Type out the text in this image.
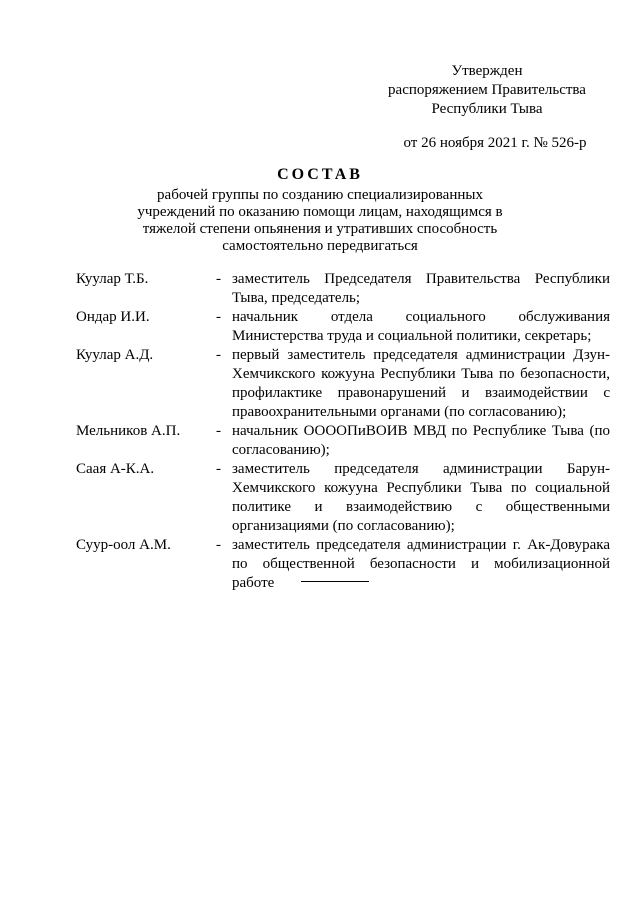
Утвержден
распоряжением Правительства
Республики Тыва
от 26 ноября 2021 г. № 526-р
СОСТАВ
рабочей группы по созданию специализированных учреждений по оказанию помощи лицам, находящимся в тяжелой степени опьянения и утративших способность самостоятельно передвигаться
Куулар Т.Б.	- заместитель Председателя Правительства Республики Тыва, председатель;
Ондар И.И.	- начальник отдела социального обслуживания Министерства труда и социальной политики, секретарь;
Куулар А.Д.	- первый заместитель председателя администрации Дзун-Хемчикского кожууна Республики Тыва по безопасности, профилактике правонарушений и взаимодействии с правоохранительными органами (по согласованию);
Мельников А.П.	- начальник ОООOПиВОИВ МВД по Республике Тыва (по согласованию);
Саая А-К.А.	- заместитель председателя администрации Барун-Хемчикского кожууна Республики Тыва по социальной политике и взаимодействию с общественными организациями (по согласованию);
Суур-оол А.М.	- заместитель председателя администрации г. Ак-Довурака по общественной безопасности и мобилизационной работе
